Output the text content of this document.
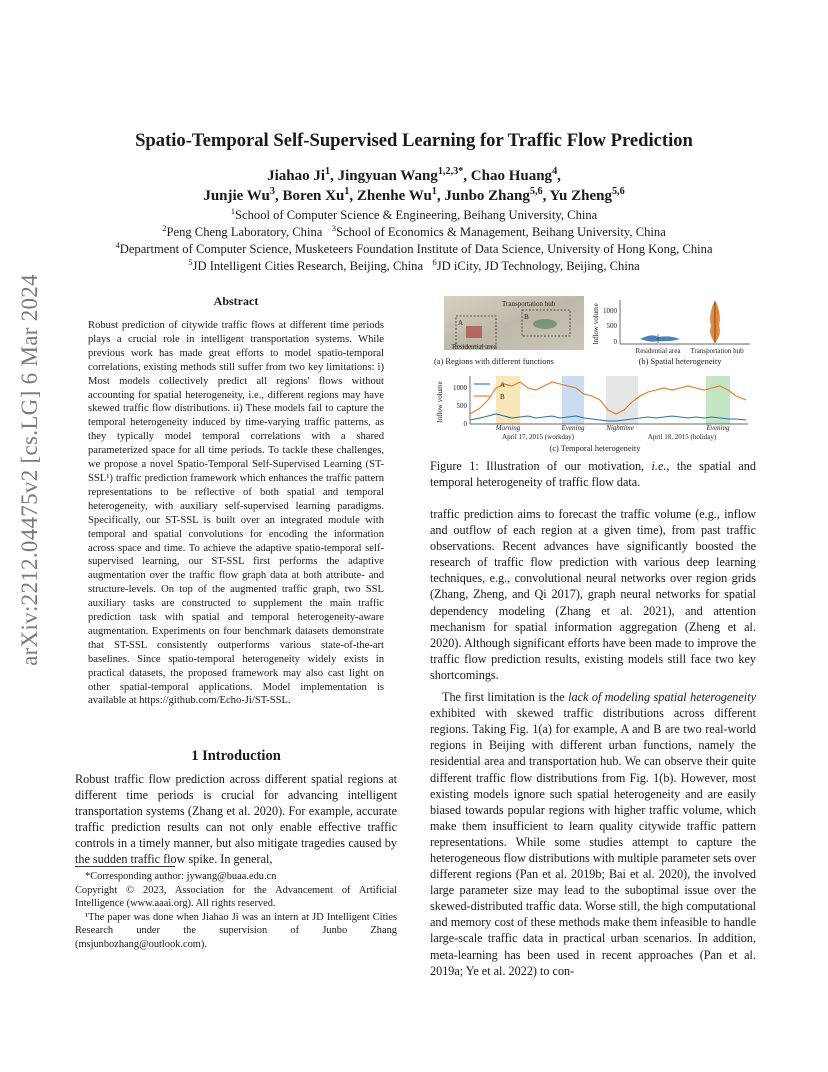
arXiv:2212.04475v2 [cs.LG] 6 Mar 2024
Spatio-Temporal Self-Supervised Learning for Traffic Flow Prediction
Jiahao Ji$^1$, Jingyuan Wang$^{1,2,3*}$, Chao Huang$^4$,
Junjie Wu$^3$, Boren Xu$^1$, Zhenhe Wu$^1$, Junbo Zhang$^{5,6}$, Yu Zheng$^{5,6}$
$^1$School of Computer Science & Engineering, Beihang University, China
$^2$Peng Cheng Laboratory, China   $^3$School of Economics & Management, Beihang University, China
$^4$Department of Computer Science, Musketeers Foundation Institute of Data Science, University of Hong Kong, China
$^5$JD Intelligent Cities Research, Beijing, China   $^6$JD iCity, JD Technology, Beijing, China
Abstract

Robust prediction of citywide traffic flows at different time periods plays a crucial role in intelligent transportation systems. While previous work has made great efforts to model spatio-temporal correlations, existing methods still suffer from two key limitations: i) Most models collectively predict all regions' flows without accounting for spatial heterogeneity, i.e., different regions may have skewed traffic flow distributions. ii) These models fail to capture the temporal heterogeneity induced by time-varying traffic patterns, as they typically model temporal correlations with a shared parameterized space for all time periods. To tackle these challenges, we propose a novel Spatio-Temporal Self-Supervised Learning (ST-SSL¹) traffic prediction framework which enhances the traffic pattern representations to be reflective of both spatial and temporal heterogeneity, with auxiliary self-supervised learning paradigms. Specifically, our ST-SSL is built over an integrated module with temporal and spatial convolutions for encoding the information across space and time. To achieve the adaptive spatio-temporal self-supervised learning, our ST-SSL first performs the adaptive augmentation over the traffic flow graph data at both attribute- and structure-levels. On top of the augmented traffic graph, two SSL auxiliary tasks are constructed to supplement the main traffic prediction task with spatial and temporal heterogeneity-aware augmentation. Experiments on four benchmark datasets demonstrate that ST-SSL consistently outperforms various state-of-the-art baselines. Since spatio-temporal heterogeneity widely exists in practical datasets, the proposed framework may also cast light on other spatial-temporal applications. Model implementation is available at https://github.com/Echo-Ji/ST-SSL.

1 Introduction

Robust traffic flow prediction across different spatial regions at different time periods is crucial for advancing intelligent transportation systems (Zhang et al. 2020). For example, accurate traffic prediction results can not only enable effective traffic controls in a timely manner, but also mitigate tragedies caused by the sudden traffic flow spike. In general,

*Corresponding author: jywang@buaa.edu.cn

Copyright © 2023, Association for the Advancement of Artificial Intelligence (www.aaai.org). All rights reserved.

¹The paper was done when Jiahao Ji was an intern at JD Intelligent Cities Research under the supervision of Junbo Zhang (msjunbozhang@outlook.com).

A
B
Transportation hub
Residential area
(a) Regions with different functions
Inflow volume 1000
500
0
Residential area Transportation hub
(b) Spatial heterogeneity
Inflow volume 1000
500
0
A
B
Morning	Evening	Nighttime	Evening
April 17, 2015 (workday)	April 18, 2015 (holiday)
(c) Temporal heterogeneity
Figure 1: Illustration of our motivation, i.e., the spatial and temporal heterogeneity of traffic flow data.

traffic prediction aims to forecast the traffic volume (e.g., inflow and outflow of each region at a given time), from past traffic observations. Recent advances have significantly boosted the research of traffic flow prediction with various deep learning techniques, e.g., convolutional neural networks over region grids (Zhang, Zheng, and Qi 2017), graph neural networks for spatial dependency modeling (Zhang et al. 2021), and attention mechanism for spatial information aggregation (Zheng et al. 2020). Although significant efforts have been made to improve the traffic flow prediction results, existing models still face two key shortcomings.

The first limitation is the lack of modeling spatial heterogeneity exhibited with skewed traffic distributions across different regions. Taking Fig. 1(a) for example, A and B are two real-world regions in Beijing with different urban functions, namely the residential area and transportation hub. We can observe their quite different traffic flow distributions from Fig. 1(b). However, most existing models ignore such spatial heterogeneity and are easily biased towards popular regions with higher traffic volume, which make them insufficient to learn quality citywide traffic pattern representations. While some studies attempt to capture the heterogeneous flow distributions with multiple parameter sets over different regions (Pan et al. 2019b; Bai et al. 2020), the involved large parameter size may lead to the suboptimal issue over the skewed-distributed traffic data. Worse still, the high computational and memory cost of these methods make them infeasible to handle large-scale traffic data in practical urban scenarios. In addition, meta-learning has been used in recent approaches (Pan et al. 2019a; Ye et al. 2022) to con-
